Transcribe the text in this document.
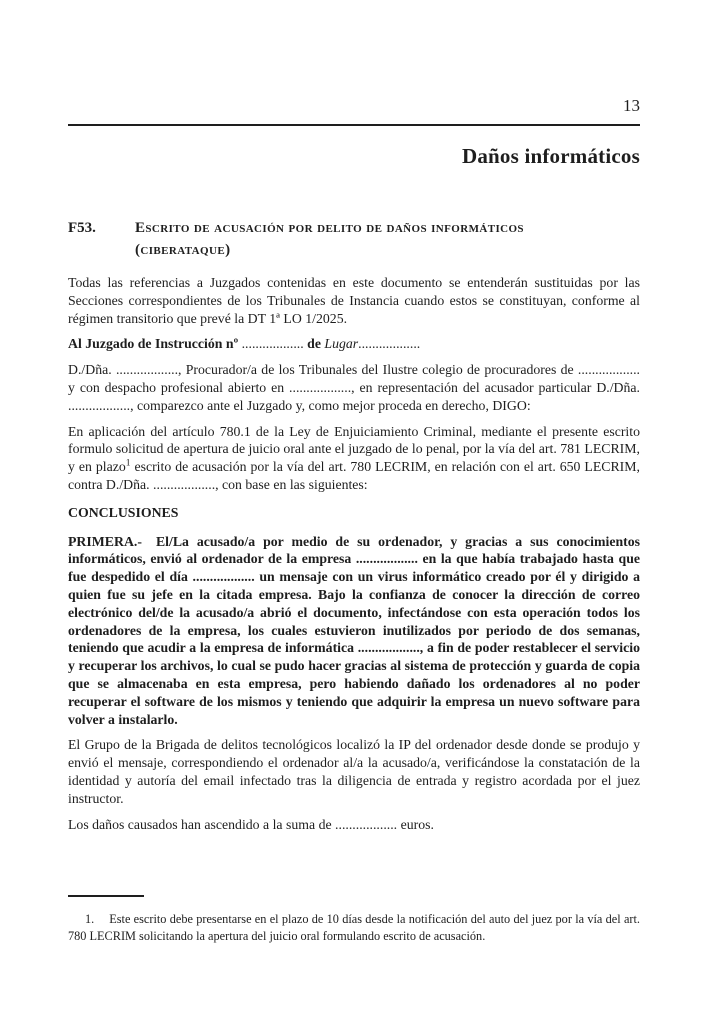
13
Daños informáticos
F53.	Escrito de acusación por delito de daños informáticos
(ciberataque)

Todas las referencias a Juzgados contenidas en este documento se entenderán sustituidas por las Secciones correspondientes de los Tribunales de Instancia cuando estos se constituyan, conforme al régimen transitorio que prevé la DT 1ª LO 1/2025.

Al Juzgado de Instrucción nº .................. de Lugar..................

D./Dña. .................., Procurador/a de los Tribunales del Ilustre colegio de procuradores de .................. y con despacho profesional abierto en .................., en representación del acusador particular D./Dña. .................., comparezco ante el Juzgado y, como mejor proceda en derecho, DIGO:

En aplicación del artículo 780.1 de la Ley de Enjuiciamiento Criminal, mediante el presente escrito formulo solicitud de apertura de juicio oral ante el juzgado de lo penal, por la vía del art. 781 LECRIM, y en plazo$^1$ escrito de acusación por la vía del art. 780 LECRIM, en relación con el art. 650 LECRIM, contra D./Dña. .................., con base en las siguientes:

CONCLUSIONES

PRIMERA.- El/La acusado/a por medio de su ordenador, y gracias a sus conocimientos informáticos, envió al ordenador de la empresa .................. en la que había trabajado hasta que fue despedido el día .................. un mensaje con un virus informático creado por él y dirigido a quien fue su jefe en la citada empresa. Bajo la confianza de conocer la dirección de correo electrónico del/de la acusado/a abrió el documento, infectándose con esta operación todos los ordenadores de la empresa, los cuales estuvieron inutilizados por periodo de dos semanas, teniendo que acudir a la empresa de informática .................., a fin de poder restablecer el servicio y recuperar los archivos, lo cual se pudo hacer gracias al sistema de protección y guarda de copia que se almacenaba en esta empresa, pero habiendo dañado los ordenadores al no poder recuperar el software de los mismos y teniendo que adquirir la empresa un nuevo software para volver a instalarlo.

El Grupo de la Brigada de delitos tecnológicos localizó la IP del ordenador desde donde se produjo y envió el mensaje, correspondiendo el ordenador al/a la acusado/a, verificándose la constatación de la identidad y autoría del email infectado tras la diligencia de entrada y registro acordada por el juez instructor.

Los daños causados han ascendido a la suma de .................. euros.

1. Este escrito debe presentarse en el plazo de 10 días desde la notificación del auto del juez por la vía del art. 780 LECRIM solicitando la apertura del juicio oral formulando escrito de acusación.
